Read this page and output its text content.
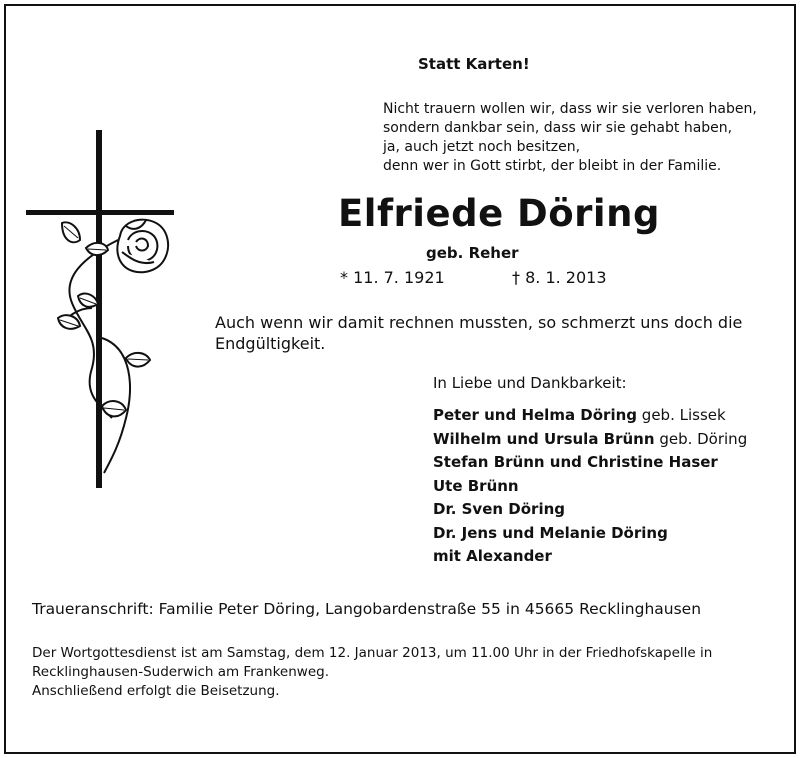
Statt Karten!
Nicht trauern wollen wir, dass wir sie verloren haben,
sondern dankbar sein, dass wir sie gehabt haben,
ja, auch jetzt noch besitzen,
denn wer in Gott stirbt, der bleibt in der Familie.
Elfriede Döring
geb. Reher
* 11. 7. 1921	† 8. 1. 2013
Auch wenn wir damit rechnen mussten, so schmerzt uns doch die Endgültigkeit.
In Liebe und Dankbarkeit:
Peter und Helma Döring geb. Lissek
Wilhelm und Ursula Brünn geb. Döring
Stefan Brünn und Christine Haser
Ute Brünn
Dr. Sven Döring
Dr. Jens und Melanie Döring
mit Alexander
Traueranschrift: Familie Peter Döring, Langobardenstraße 55 in 45665 Recklinghausen
Der Wortgottesdienst ist am Samstag, dem 12. Januar 2013, um 11.00 Uhr in der Friedhofskapelle in
Recklinghausen-Suderwich am Frankenweg.
Anschließend erfolgt die Beisetzung.
